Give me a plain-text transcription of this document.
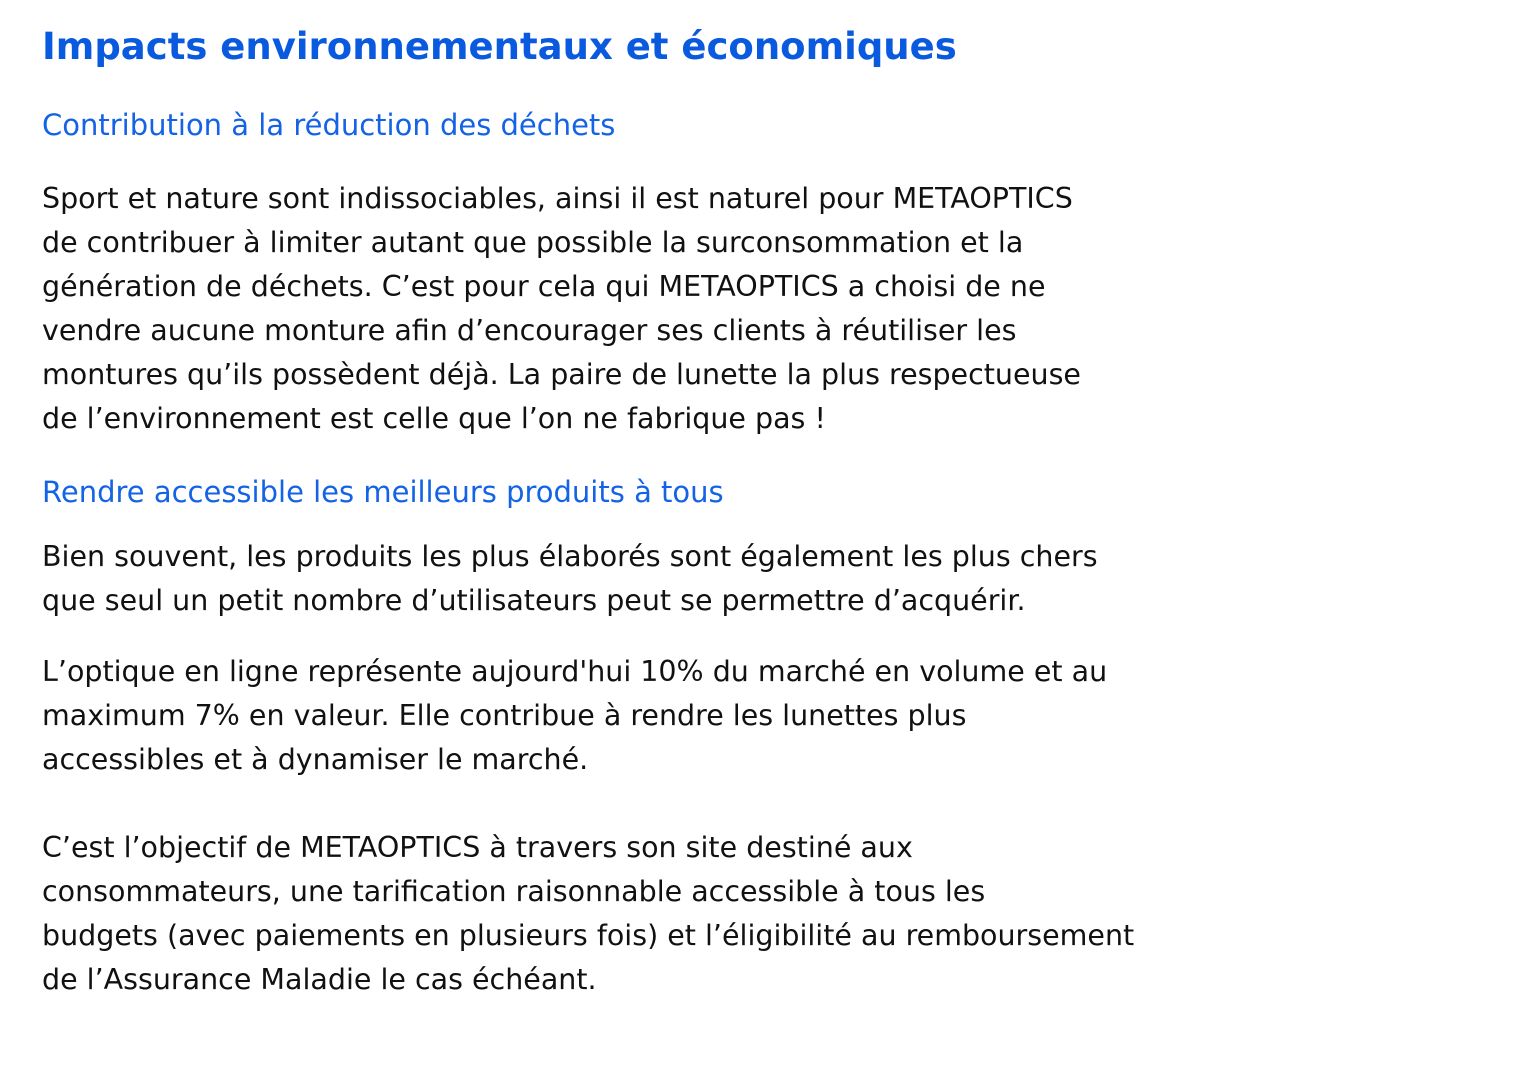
Impacts environnementaux et économiques
Contribution à la réduction des déchets

Sport et nature sont indissociables, ainsi il est naturel pour METAOPTICS
de contribuer à limiter autant que possible la surconsommation et la
génération de déchets. C’est pour cela qui METAOPTICS a choisi de ne
vendre aucune monture afin d’encourager ses clients à réutiliser les
montures qu’ils possèdent déjà. La paire de lunette la plus respectueuse
de l’environnement est celle que l’on ne fabrique pas !

Rendre accessible les meilleurs produits à tous

Bien souvent, les produits les plus élaborés sont également les plus chers
que seul un petit nombre d’utilisateurs peut se permettre d’acquérir.

L’optique en ligne représente aujourd'hui 10% du marché en volume et au
maximum 7% en valeur. Elle contribue à rendre les lunettes plus
accessibles et à dynamiser le marché.

C’est l’objectif de METAOPTICS à travers son site destiné aux
consommateurs, une tarification raisonnable accessible à tous les
budgets (avec paiements en plusieurs fois) et l’éligibilité au remboursement
de l’Assurance Maladie le cas échéant.
